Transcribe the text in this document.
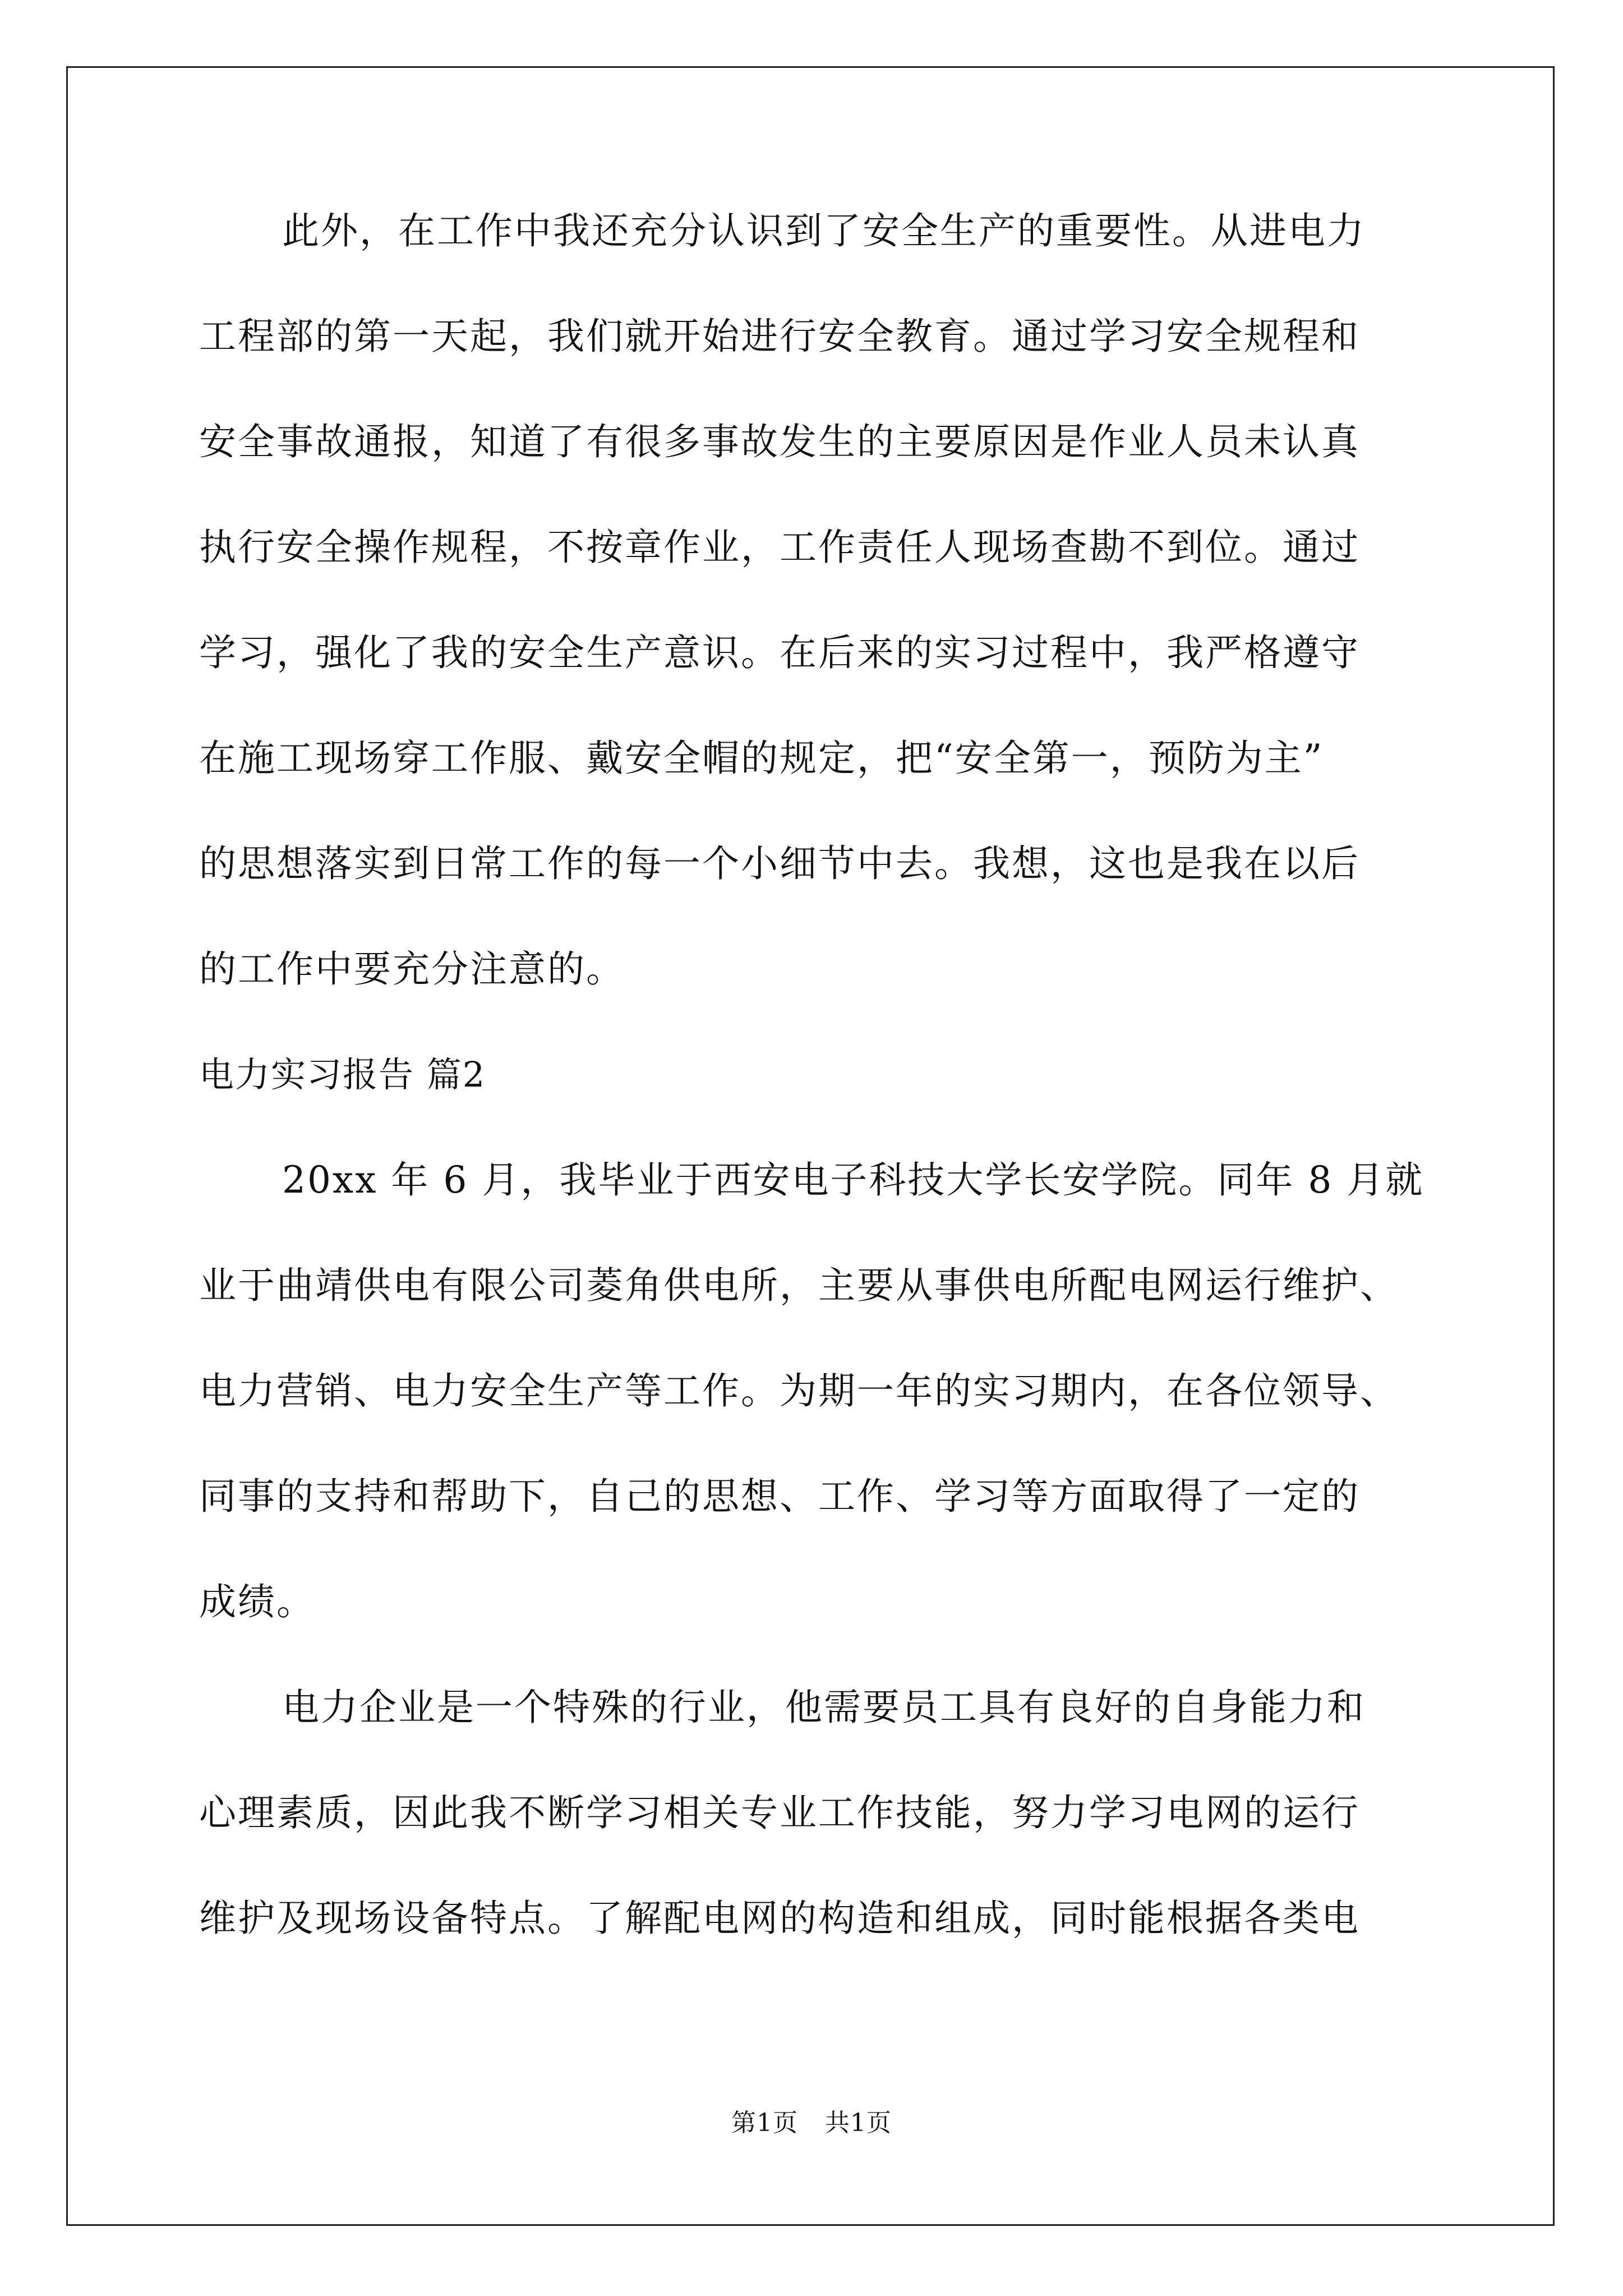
此外，在工作中我还充分认识到了安全生产的重要性。从进电力
工程部的第一天起，我们就开始进行安全教育。通过学习安全规程和
安全事故通报，知道了有很多事故发生的主要原因是作业人员未认真
执行安全操作规程，不按章作业，工作责任人现场查勘不到位。通过
学习，强化了我的安全生产意识。在后来的实习过程中，我严格遵守
在施工现场穿工作服、戴安全帽的规定，把“安全第一，预防为主”
的思想落实到日常工作的每一个小细节中去。我想，这也是我在以后
的工作中要充分注意的。
电力实习报告 篇2
20xx 年 6 月，我毕业于西安电子科技大学长安学院。同年 8 月就
业于曲靖供电有限公司菱角供电所，主要从事供电所配电网运行维护、
电力营销、电力安全生产等工作。为期一年的实习期内，在各位领导、
同事的支持和帮助下，自己的思想、工作、学习等方面取得了一定的
成绩。
电力企业是一个特殊的行业，他需要员工具有良好的自身能力和
心理素质，因此我不断学习相关专业工作技能，努力学习电网的运行
维护及现场设备特点。了解配电网的构造和组成，同时能根据各类电
第1页 共1页
